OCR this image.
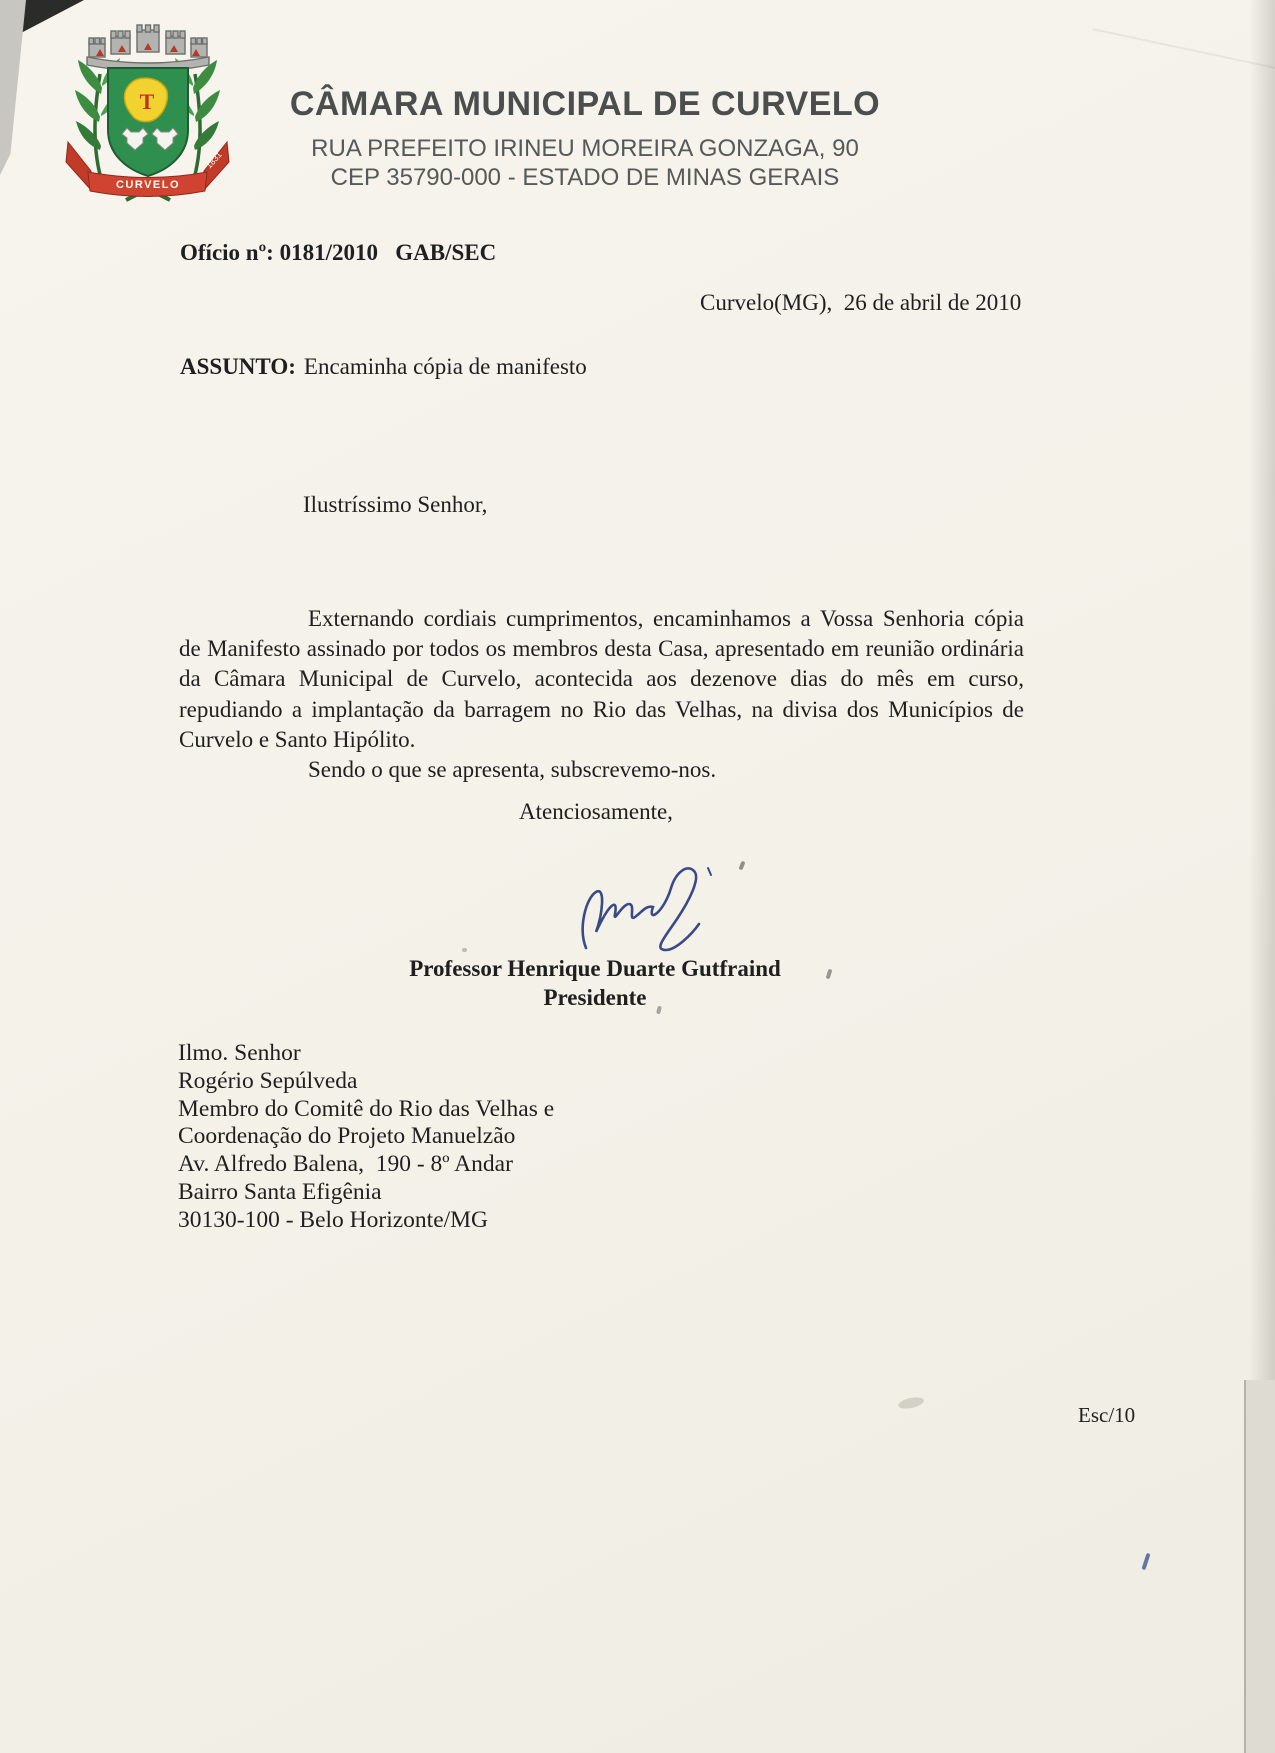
T
CURVELO
1831
CÂMARA MUNICIPAL DE CURVELO
RUA PREFEITO IRINEU MOREIRA GONZAGA, 90
CEP 35790-000 - ESTADO DE MINAS GERAIS
Ofício nº: 0181/2010   GAB/SEC
Curvelo(MG),  26 de abril de 2010
ASSUNTO: Encaminha cópia de manifesto
Ilustríssimo Senhor,

Externando cordiais cumprimentos, encaminhamos a Vossa Senhoria cópia de Manifesto assinado por todos os membros desta Casa, apresentado em reunião ordinária da Câmara Municipal de Curvelo, acontecida aos dezenove dias do mês em curso, repudiando a implantação da barragem no Rio das Velhas, na divisa dos Municípios de Curvelo e Santo Hipólito.

Sendo o que se apresenta, subscrevemo-nos.

Atenciosamente,
Professor Henrique Duarte Gutfraind
Presidente
Ilmo. Senhor
Rogério Sepúlveda
Membro do Comitê do Rio das Velhas e
Coordenação do Projeto Manuelzão
Av. Alfredo Balena,  190 - 8º Andar
Bairro Santa Efigênia
30130-100 - Belo Horizonte/MG
Esc/10
